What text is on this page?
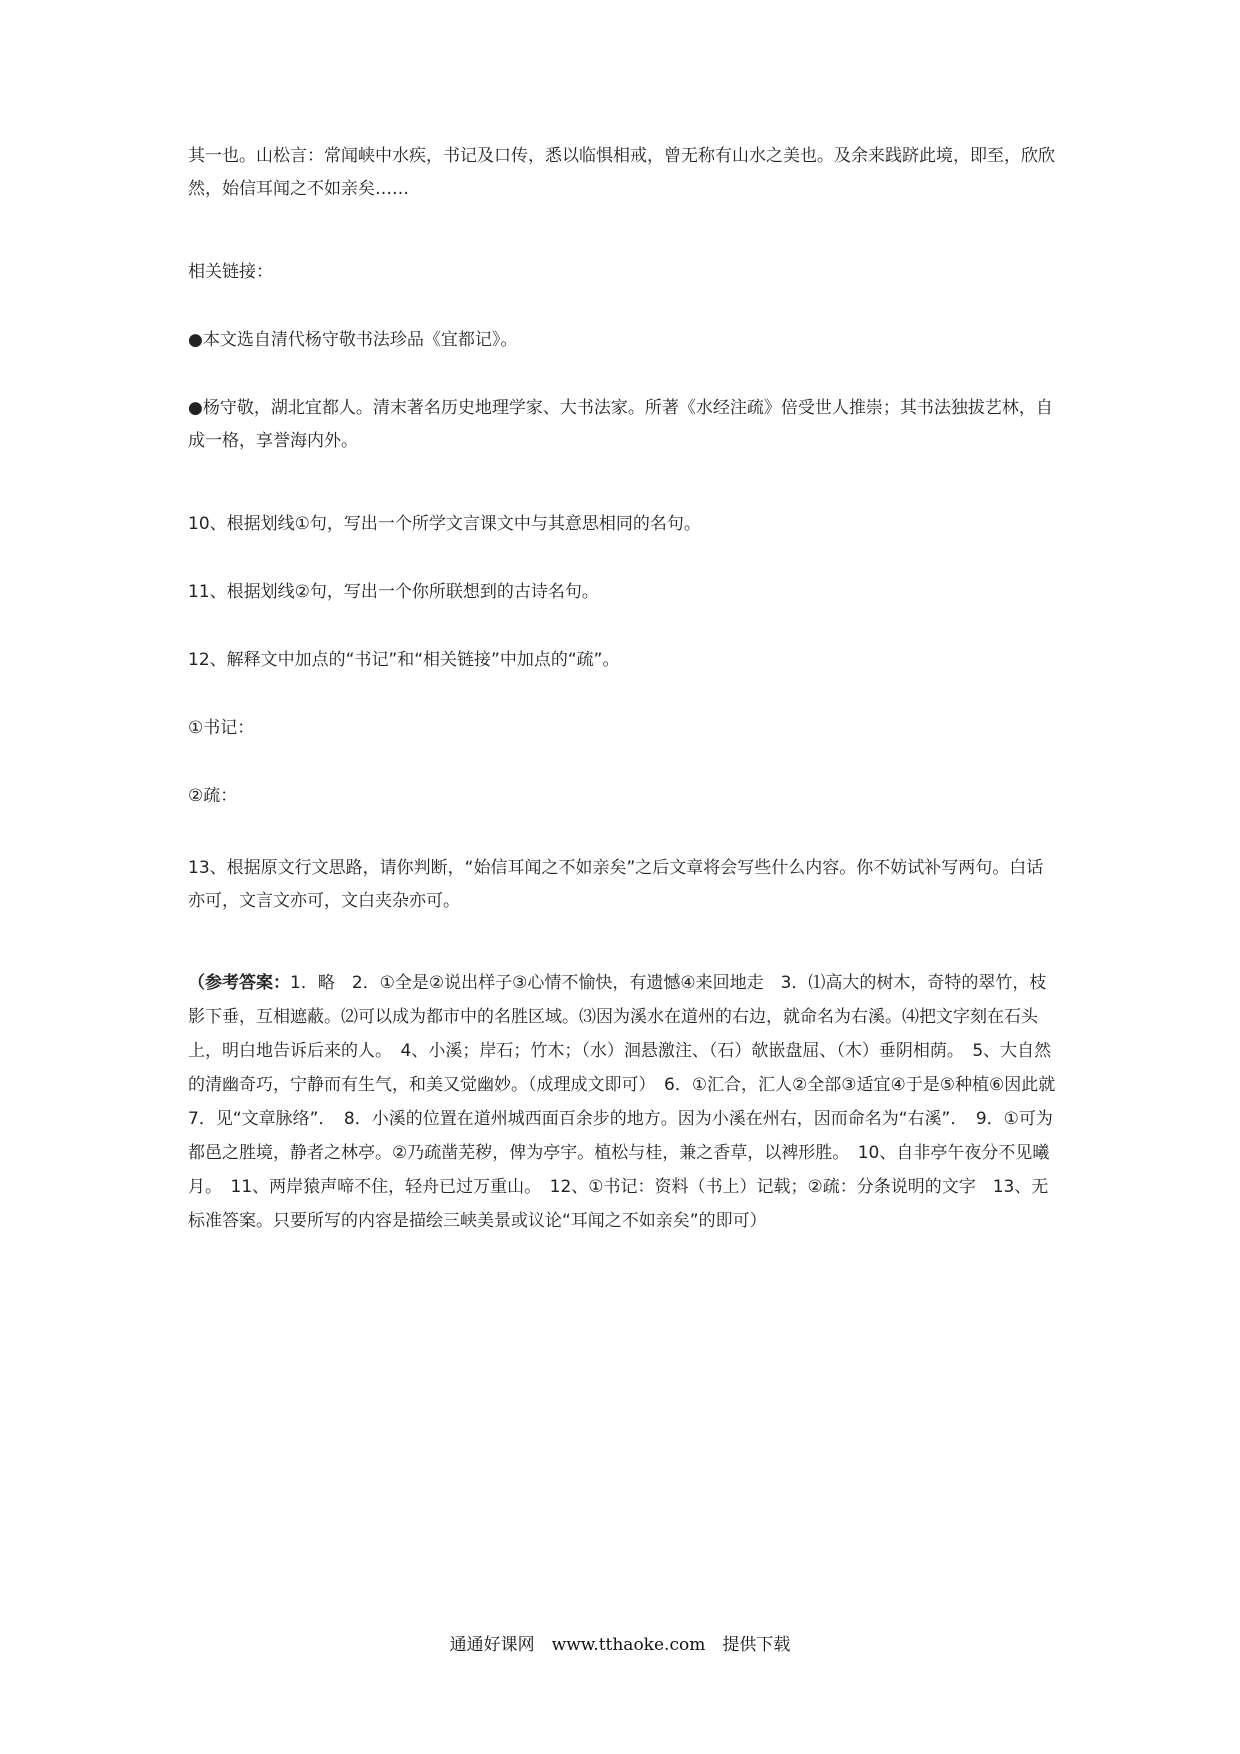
其一也。山松言：常闻峡中水疾，书记及口传，悉以临惧相戒，曾无称有山水之美也。及余来践跻此境，即至，欣欣然，始信耳闻之不如亲矣……

相关链接：

●本文选自清代杨守敬书法珍品《宜都记》。

●杨守敬，湖北宜都人。清末著名历史地理学家、大书法家。所著《水经注疏》倍受世人推崇；其书法独拔艺林，自成一格，享誉海内外。

10、根据划线①句，写出一个所学文言课文中与其意思相同的名句。

11、根据划线②句，写出一个你所联想到的古诗名句。

12、解释文中加点的“书记”和“相关链接”中加点的“疏”。

①书记：

②疏：

13、根据原文行文思路，请你判断，“始信耳闻之不如亲矣”之后文章将会写些什么内容。你不妨试补写两句。白话亦可，文言文亦可，文白夹杂亦可。

（参考答案：1．略　2．①全是②说出样子③心情不愉快，有遗憾④来回地走　3．⑴高大的树木，奇特的翠竹，枝影下垂，互相遮蔽。⑵可以成为都市中的名胜区域。⑶因为溪水在道州的右边，就命名为右溪。⑷把文字刻在石头上，明白地告诉后来的人。　4、小溪；岸石；竹木；（水）洄悬激注、（石）欹嵌盘屈、（木）垂阴相荫。　5、大自然的清幽奇巧，宁静而有生气，和美又觉幽妙。（成理成文即可）　6．①汇合，汇人②全部③适宜④于是⑤种植⑥因此就　7．见“文章脉络”．　8．小溪的位置在道州城西面百余步的地方。因为小溪在州右，因而命名为“右溪”．　9．①可为都邑之胜境，静者之林亭。②乃疏凿芜秽，俾为亭宇。植松与桂，兼之香草，以裨形胜。　10、自非亭午夜分不见曦月。　11、两岸猿声啼不住，轻舟已过万重山。　12、①书记：资料（书上）记载；②疏：分条说明的文字　13、无标准答案。只要所写的内容是描绘三峡美景或议论“耳闻之不如亲矣”的即可）

通通好课网　www.tthaoke.com　提供下载
